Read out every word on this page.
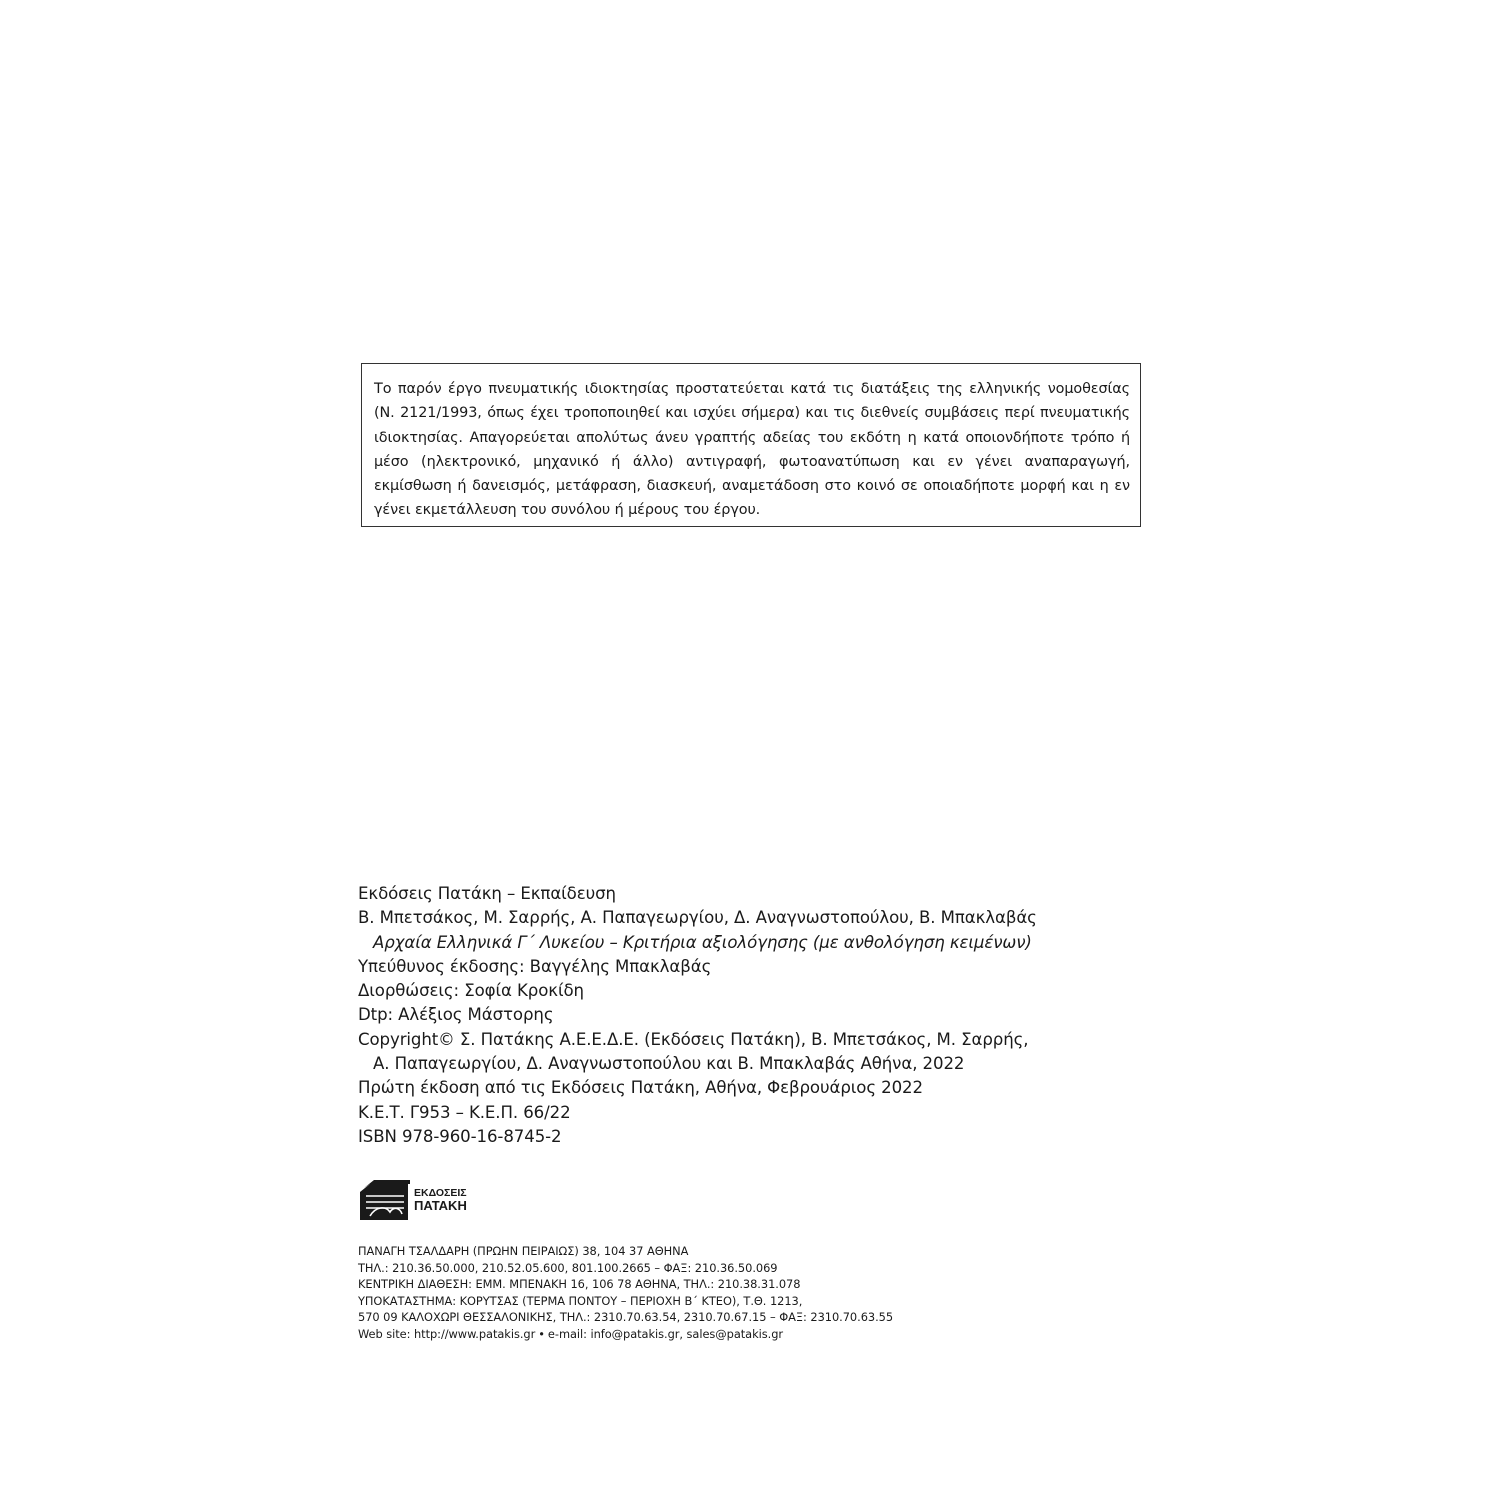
Το παρόν έργο πνευματικής ιδιοκτησίας προστατεύεται κατά τις διατάξεις της ελληνικής νομοθεσίας (Ν. 2121/1993, όπως έχει τροποποιηθεί και ισχύει σήμερα) και τις διεθνείς συμβάσεις περί πνευματικής ιδιοκτησίας. Απαγορεύεται απολύτως άνευ γραπτής αδείας του εκδότη η κατά οποιονδήποτε τρόπο ή μέσο (ηλεκτρονικό, μηχανικό ή άλλο) αντιγραφή, φωτοανατύπωση και εν γένει αναπαραγωγή, εκμίσθωση ή δανεισμός, μετάφραση, διασκευή, αναμετάδοση στο κοινό σε οποιαδήποτε μορφή και η εν γένει εκμετάλλευση του συνόλου ή μέρους του έργου.

Εκδόσεις Πατάκη – Εκπαίδευση
Β. Μπετσάκος, Μ. Σαρρής, Α. Παπαγεωργίου, Δ. Αναγνωστοπούλου, Β. Μπακλαβάς
Αρχαία Ελληνικά Γ΄ Λυκείου – Κριτήρια αξιολόγησης (με ανθολόγηση κειμένων)
Υπεύθυνος έκδοσης: Βαγγέλης Μπακλαβάς
Διορθώσεις: Σοφία Κροκίδη
Dtp: Αλέξιος Μάστορης
Copyright© Σ. Πατάκης Α.Ε.Ε.Δ.Ε. (Εκδόσεις Πατάκη), Β. Μπετσάκος, Μ. Σαρρής,
Α. Παπαγεωργίου, Δ. Αναγνωστοπούλου και Β. Μπακλαβάς Αθήνα, 2022
Πρώτη έκδοση από τις Εκδόσεις Πατάκη, Αθήνα, Φεβρουάριος 2022
Κ.Ε.Τ. Γ953 – Κ.Ε.Π. 66/22
ISBN 978-960-16-8745-2
ΕΚΔΟΣΕΙΣ
ΠΑΤΑΚΗ
ΠΑΝΑΓΗ ΤΣΑΛΔΑΡΗ (ΠΡΩΗΝ ΠΕΙΡΑΙΩΣ) 38, 104 37 ΑΘΗΝΑ
ΤΗΛ.: 210.36.50.000, 210.52.05.600, 801.100.2665 – ΦΑΞ: 210.36.50.069
ΚΕΝΤΡΙΚΗ ΔΙΑΘΕΣΗ: ΕΜΜ. ΜΠΕΝΑΚΗ 16, 106 78 ΑΘΗΝΑ, ΤΗΛ.: 210.38.31.078
ΥΠΟΚΑΤΑΣΤΗΜΑ: ΚΟΡΥΤΣΑΣ (ΤΕΡΜΑ ΠΟΝΤΟΥ – ΠΕΡΙΟΧΗ Β΄ ΚΤΕΟ), Τ.Θ. 1213,
570 09 ΚΑΛΟΧΩΡΙ ΘΕΣΣΑΛΟΝΙΚΗΣ, ΤΗΛ.: 2310.70.63.54, 2310.70.67.15 – ΦΑΞ: 2310.70.63.55
Web site: http://www.patakis.gr • e-mail: info@patakis.gr, sales@patakis.gr
